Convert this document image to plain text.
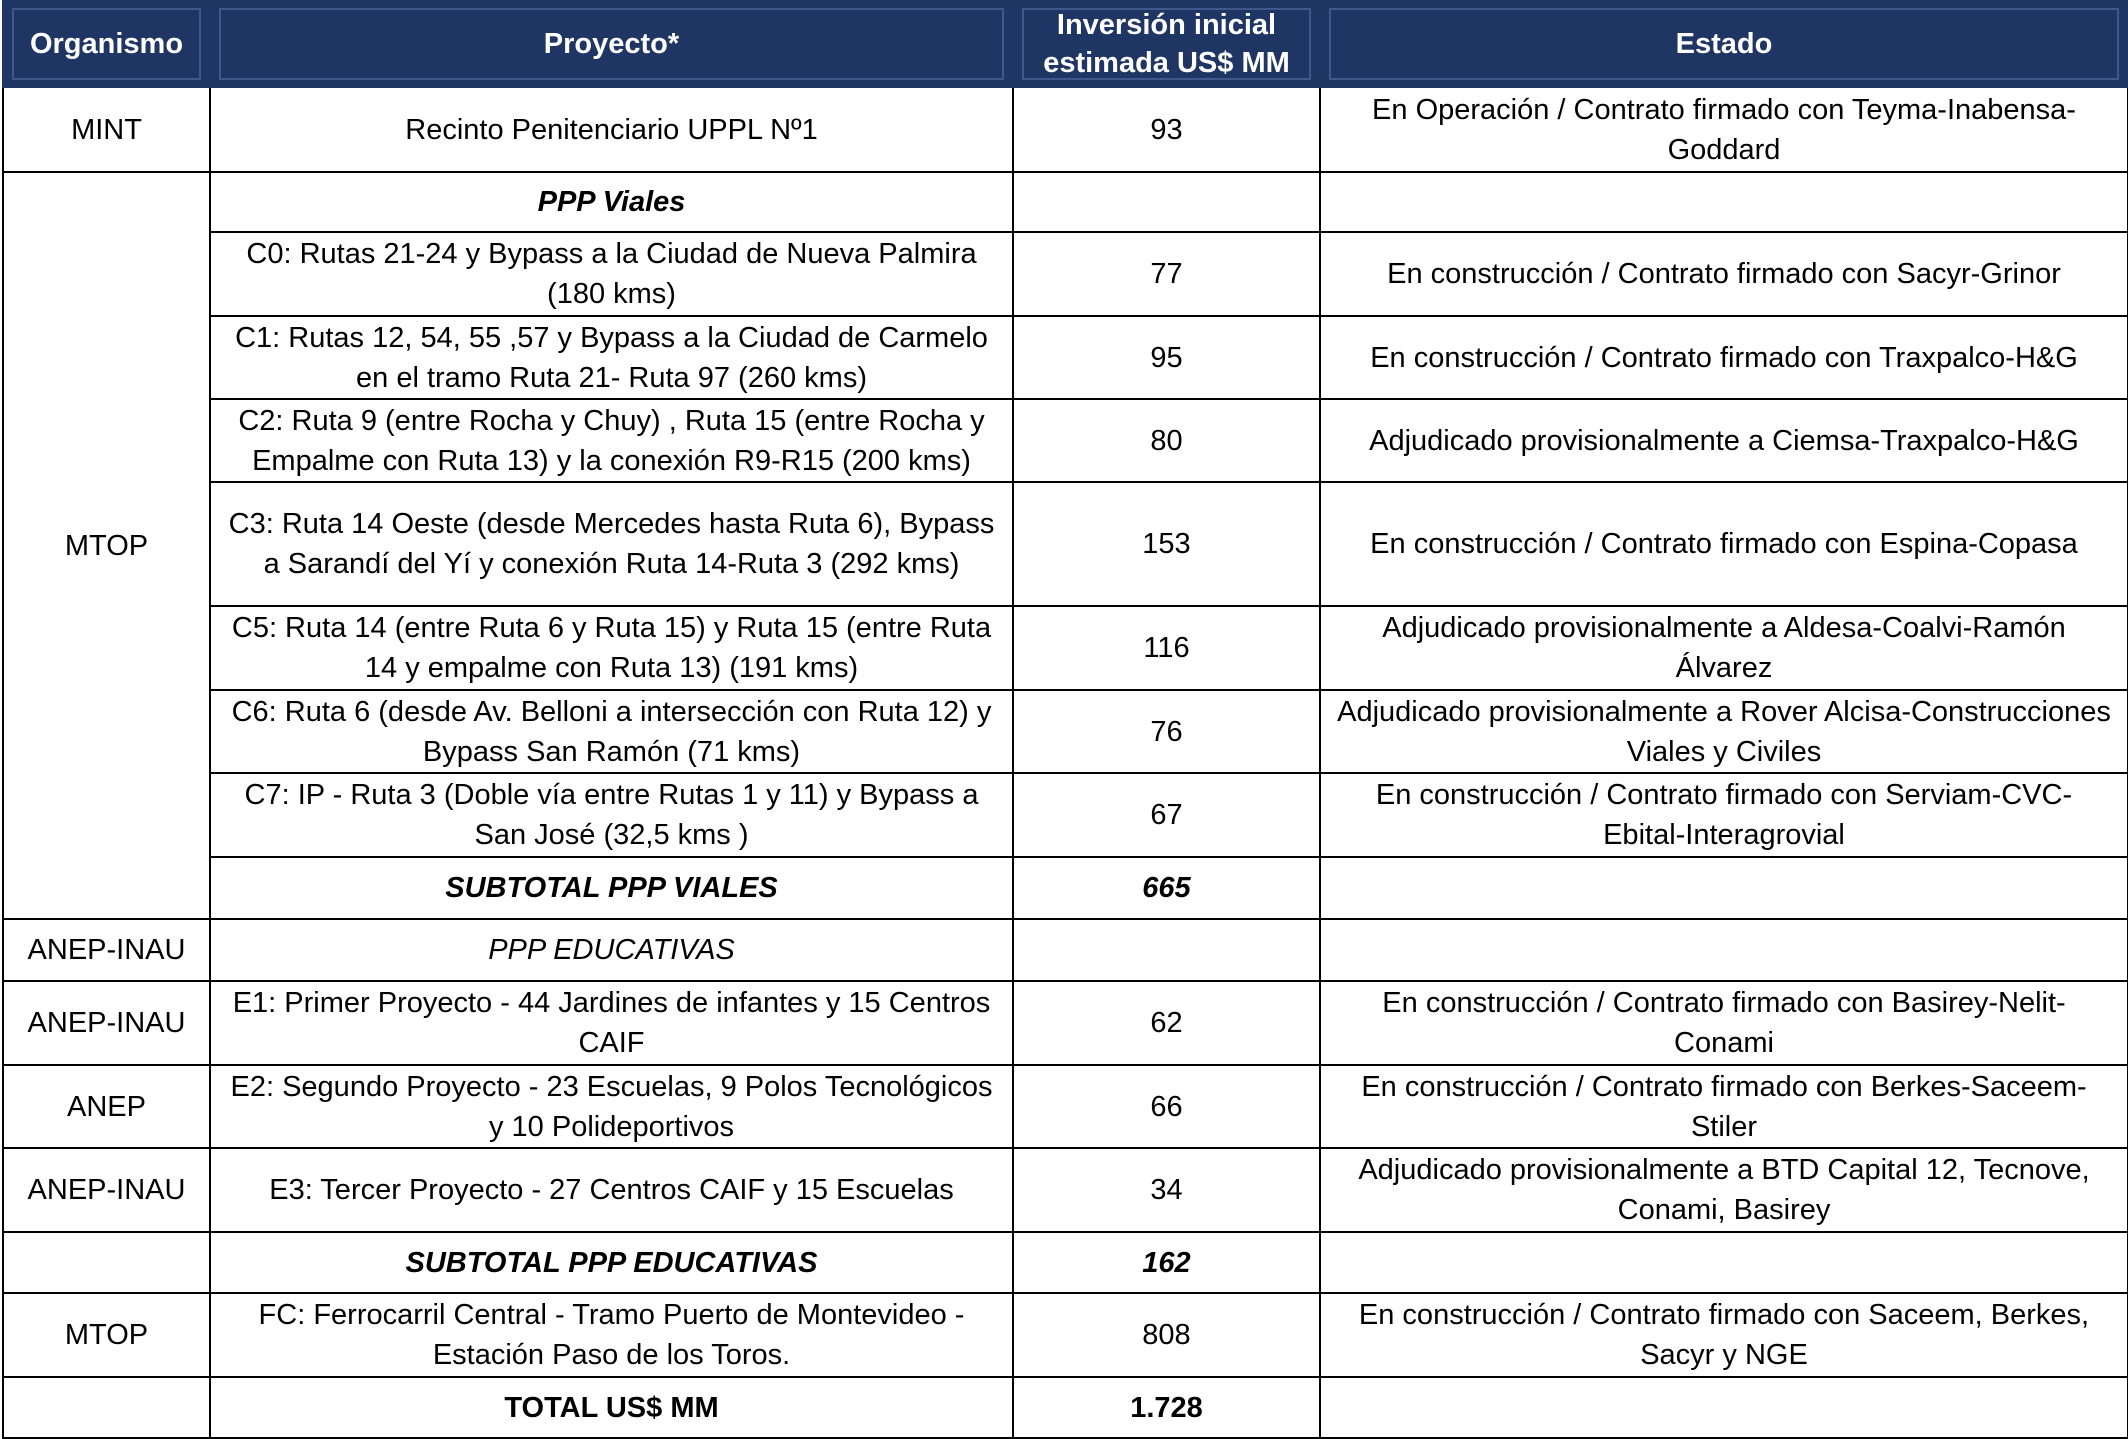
Organismo	Proyecto*	Inversión inicial estimada US$ MM	Estado
MINT	Recinto Penitenciario UPPL Nº1	93	En Operación / Contrato firmado con Teyma-Inabensa-Goddard
MTOP	PPP Viales		
	C0: Rutas 21-24 y Bypass a la Ciudad de Nueva Palmira (180 kms)	77	En construcción / Contrato firmado con Sacyr-Grinor
	C1: Rutas 12, 54, 55 ,57 y Bypass a la Ciudad de Carmelo en el tramo Ruta 21- Ruta 97 (260 kms)	95	En construcción / Contrato firmado con Traxpalco-H&G
	C2: Ruta 9 (entre Rocha y Chuy) , Ruta 15 (entre Rocha y Empalme con Ruta 13) y la conexión R9-R15 (200 kms)	80	Adjudicado provisionalmente a Ciemsa-Traxpalco-H&G
	C3: Ruta 14 Oeste (desde Mercedes hasta Ruta 6), Bypass a Sarandí del Yí y conexión Ruta 14-Ruta 3 (292 kms)	153	En construcción / Contrato firmado con Espina-Copasa
	C5: Ruta 14 (entre Ruta 6 y Ruta 15) y Ruta 15 (entre Ruta 14 y empalme con Ruta 13) (191 kms)	116	Adjudicado provisionalmente a Aldesa-Coalvi-Ramón Álvarez
	C6: Ruta 6 (desde Av. Belloni a intersección con Ruta 12) y Bypass San Ramón (71 kms)	76	Adjudicado provisionalmente a Rover Alcisa-Construcciones Viales y Civiles
	C7: IP - Ruta 3 (Doble vía entre Rutas 1 y 11) y Bypass a San José (32,5 kms )	67	En construcción / Contrato firmado con Serviam-CVC-Ebital-Interagrovial
	SUBTOTAL PPP VIALES	665	
ANEP-INAU	PPP EDUCATIVAS		
ANEP-INAU	E1: Primer Proyecto - 44 Jardines de infantes y 15 Centros CAIF	62	En construcción / Contrato firmado con Basirey-Nelit-Conami
ANEP	E2: Segundo Proyecto - 23 Escuelas, 9 Polos Tecnológicos y 10 Polideportivos	66	En construcción / Contrato firmado con Berkes-Saceem-Stiler
ANEP-INAU	E3: Tercer Proyecto - 27 Centros CAIF y 15 Escuelas	34	Adjudicado provisionalmente a BTD Capital 12, Tecnove, Conami, Basirey
	SUBTOTAL PPP EDUCATIVAS	162	
MTOP	FC: Ferrocarril Central - Tramo Puerto de Montevideo - Estación Paso de los Toros.	808	En construcción / Contrato firmado con Saceem, Berkes, Sacyr y NGE
	TOTAL US$ MM	1.728	
